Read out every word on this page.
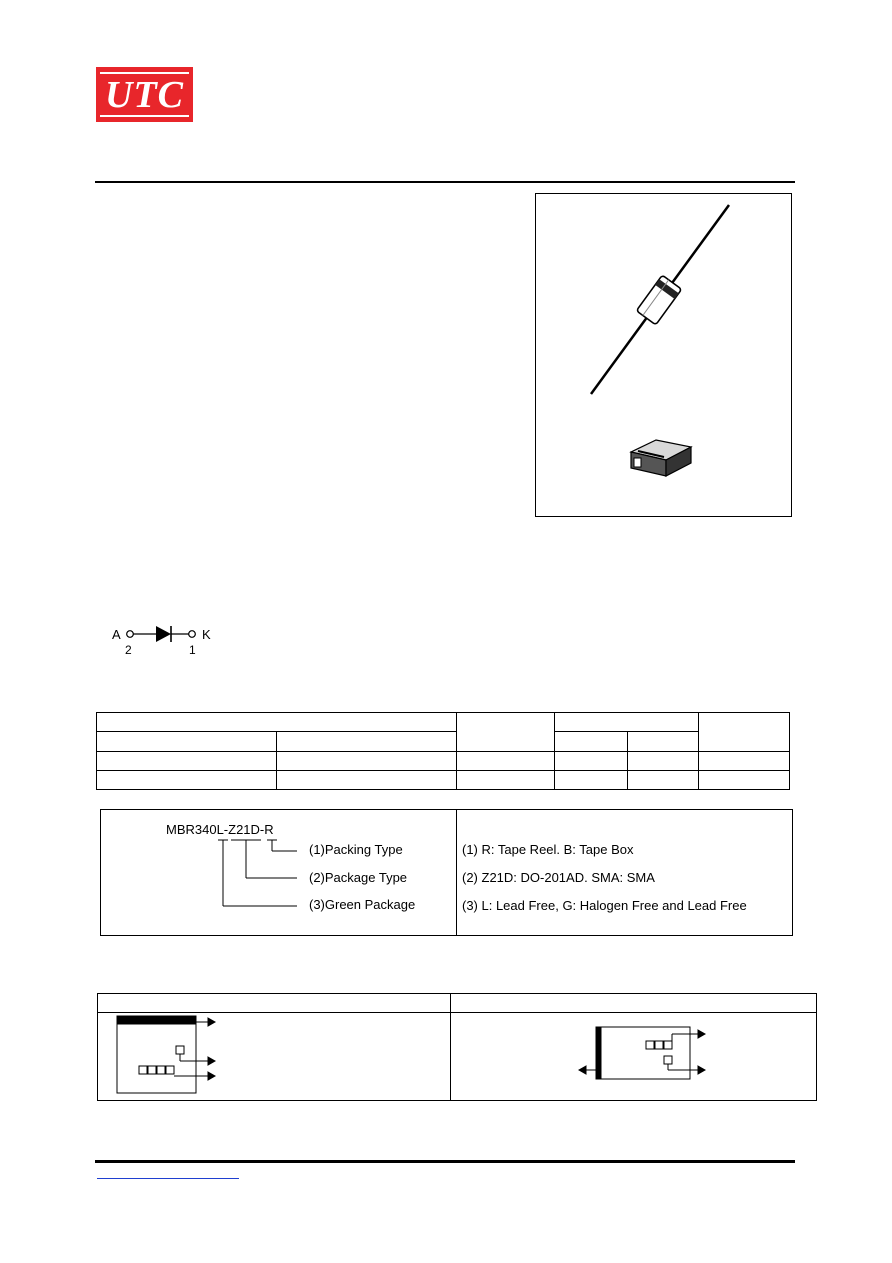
UTC
A	K
2	1

MBR340L-Z21D-R
(1)Packing Type
(2)Package Type
(3)Green Package
(1) R: Tape Reel. B: Tape Box
(2) Z21D: DO-201AD. SMA: SMA
(3) L: Lead Free, G: Halogen Free and Lead Free
